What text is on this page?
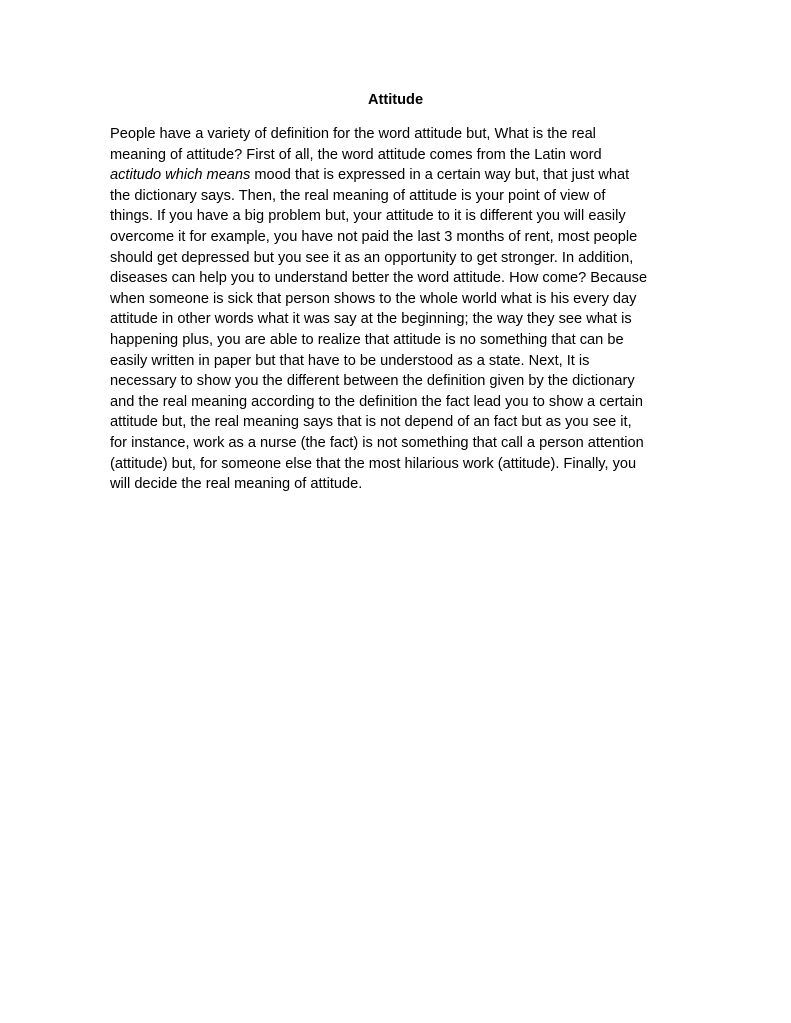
Attitude

People have a variety of definition for the word attitude but, What is the real
meaning of attitude? First of all, the word attitude comes from the Latin word
actitudo which means mood that is expressed in a certain way but, that just what
the dictionary says. Then, the real meaning of attitude is your point of view of
things. If you have a big problem but, your attitude to it is different you will easily
overcome it for example, you have not paid the last 3 months of rent, most people
should get depressed but you see it as an opportunity to get stronger. In addition,
diseases can help you to understand better the word attitude. How come? Because
when someone is sick that person shows to the whole world what is his every day
attitude in other words what it was say at the beginning; the way they see what is
happening plus, you are able to realize that attitude is no something that can be
easily written in paper but that have to be understood as a state. Next, It is
necessary to show you the different between the definition given by the dictionary
and the real meaning according to the definition the fact lead you to show a certain
attitude but, the real meaning says that is not depend of an fact but as you see it,
for instance, work as a nurse (the fact) is not something that call a person attention
(attitude) but, for someone else that the most hilarious work (attitude). Finally, you
will decide the real meaning of attitude.
